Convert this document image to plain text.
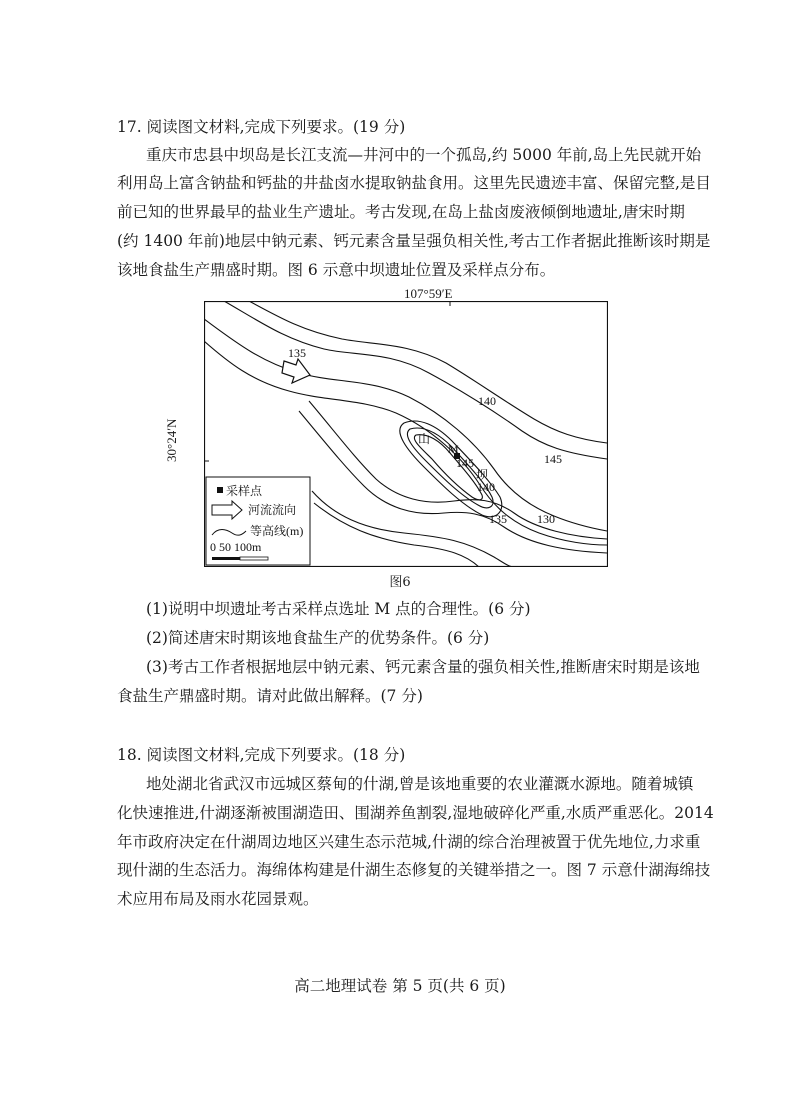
17. 阅读图文材料,完成下列要求。(19 分)
重庆市忠县中坝岛是长江支流—井河中的一个孤岛,约 5000 年前,岛上先民就开始
利用岛上富含钠盐和钙盐的井盐卤水提取钠盐食用。这里先民遗迹丰富、保留完整,是目
前已知的世界最早的盐业生产遗址。考古发现,在岛上盐卤废液倾倒地遗址,唐宋时期
(约 1400 年前)地层中钠元素、钙元素含量呈强负相关性,考古工作者据此推断该时期是
该地食盐生产鼎盛时期。图 6 示意中坝遗址位置及采样点分布。
135
140
145
145
140
135	130
M
山
坝
采样点
河流流向
等高线(m)
0 50 100m
107°59′E
30°24′N
图6
(1)说明中坝遗址考古采样点选址 M 点的合理性。(6 分)
(2)简述唐宋时期该地食盐生产的优势条件。(6 分)
(3)考古工作者根据地层中钠元素、钙元素含量的强负相关性,推断唐宋时期是该地
食盐生产鼎盛时期。请对此做出解释。(7 分)
18. 阅读图文材料,完成下列要求。(18 分)
地处湖北省武汉市远城区蔡甸的什湖,曾是该地重要的农业灌溉水源地。随着城镇
化快速推进,什湖逐渐被围湖造田、围湖养鱼割裂,湿地破碎化严重,水质严重恶化。2014
年市政府决定在什湖周边地区兴建生态示范城,什湖的综合治理被置于优先地位,力求重
现什湖的生态活力。海绵体构建是什湖生态修复的关键举措之一。图 7 示意什湖海绵技
术应用布局及雨水花园景观。
高二地理试卷 第 5 页(共 6 页)
